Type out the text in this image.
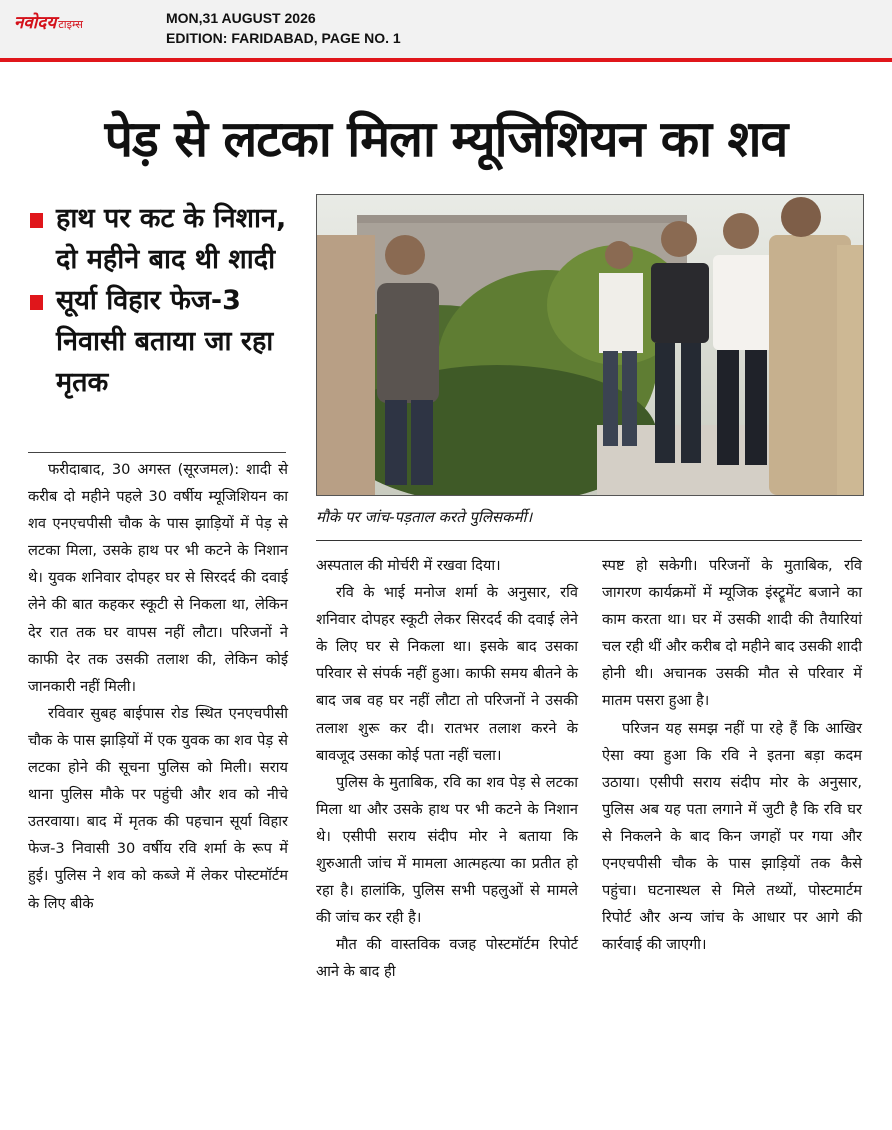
नवोदय टाइम्स	MON,31 AUGUST 2026
EDITION: FARIDABAD, PAGE NO. 1
पेड़ से लटका मिला म्यूजिशियन का शव
हाथ पर कट के निशान, दो महीने बाद थी शादी
सूर्या विहार फेज-3 निवासी बताया जा रहा मृतक
मौके पर जांच-पड़ताल करते पुलिसकर्मी।

फरीदाबाद, 30 अगस्त (सूरजमल): शादी से करीब दो महीने पहले 30 वर्षीय म्यूजिशियन का शव एनएचपीसी चौक के पास झाड़ियों में पेड़ से लटका मिला, उसके हाथ पर भी कटने के निशान थे। युवक शनिवार दोपहर घर से सिरदर्द की दवाई लेने की बात कहकर स्कूटी से निकला था, लेकिन देर रात तक घर वापस नहीं लौटा। परिजनों ने काफी देर तक उसकी तलाश की, लेकिन कोई जानकारी नहीं मिली।

रविवार सुबह बाईपास रोड स्थित एनएचपीसी चौक के पास झाड़ियों में एक युवक का शव पेड़ से लटका होने की सूचना पुलिस को मिली। सराय थाना पुलिस मौके पर पहुंची और शव को नीचे उतरवाया। बाद में मृतक की पहचान सूर्या विहार फेज-3 निवासी 30 वर्षीय रवि शर्मा के रूप में हुई। पुलिस ने शव को कब्जे में लेकर पोस्टमॉर्टम के लिए बीके

अस्पताल की मोर्चरी में रखवा दिया।

रवि के भाई मनोज शर्मा के अनुसार, रवि शनिवार दोपहर स्कूटी लेकर सिरदर्द की दवाई लेने के लिए घर से निकला था। इसके बाद उसका परिवार से संपर्क नहीं हुआ। काफी समय बीतने के बाद जब वह घर नहीं लौटा तो परिजनों ने उसकी तलाश शुरू कर दी। रातभर तलाश करने के बावजूद उसका कोई पता नहीं चला।

पुलिस के मुताबिक, रवि का शव पेड़ से लटका मिला था और उसके हाथ पर भी कटने के निशान थे। एसीपी सराय संदीप मोर ने बताया कि शुरुआती जांच में मामला आत्महत्या का प्रतीत हो रहा है। हालांकि, पुलिस सभी पहलुओं से मामले की जांच कर रही है।

मौत की वास्तविक वजह पोस्टमॉर्टम रिपोर्ट आने के बाद ही

स्पष्ट हो सकेगी। परिजनों के मुताबिक, रवि जागरण कार्यक्रमों में म्यूजिक इंस्ट्रूमेंट बजाने का काम करता था। घर में उसकी शादी की तैयारियां चल रही थीं और करीब दो महीने बाद उसकी शादी होनी थी। अचानक उसकी मौत से परिवार में मातम पसरा हुआ है।

परिजन यह समझ नहीं पा रहे हैं कि आखिर ऐसा क्या हुआ कि रवि ने इतना बड़ा कदम उठाया। एसीपी सराय संदीप मोर के अनुसार, पुलिस अब यह पता लगाने में जुटी है कि रवि घर से निकलने के बाद किन जगहों पर गया और एनएचपीसी चौक के पास झाड़ियों तक कैसे पहुंचा। घटनास्थल से मिले तथ्यों, पोस्टमार्टम रिपोर्ट और अन्य जांच के आधार पर आगे की कार्रवाई की जाएगी।
